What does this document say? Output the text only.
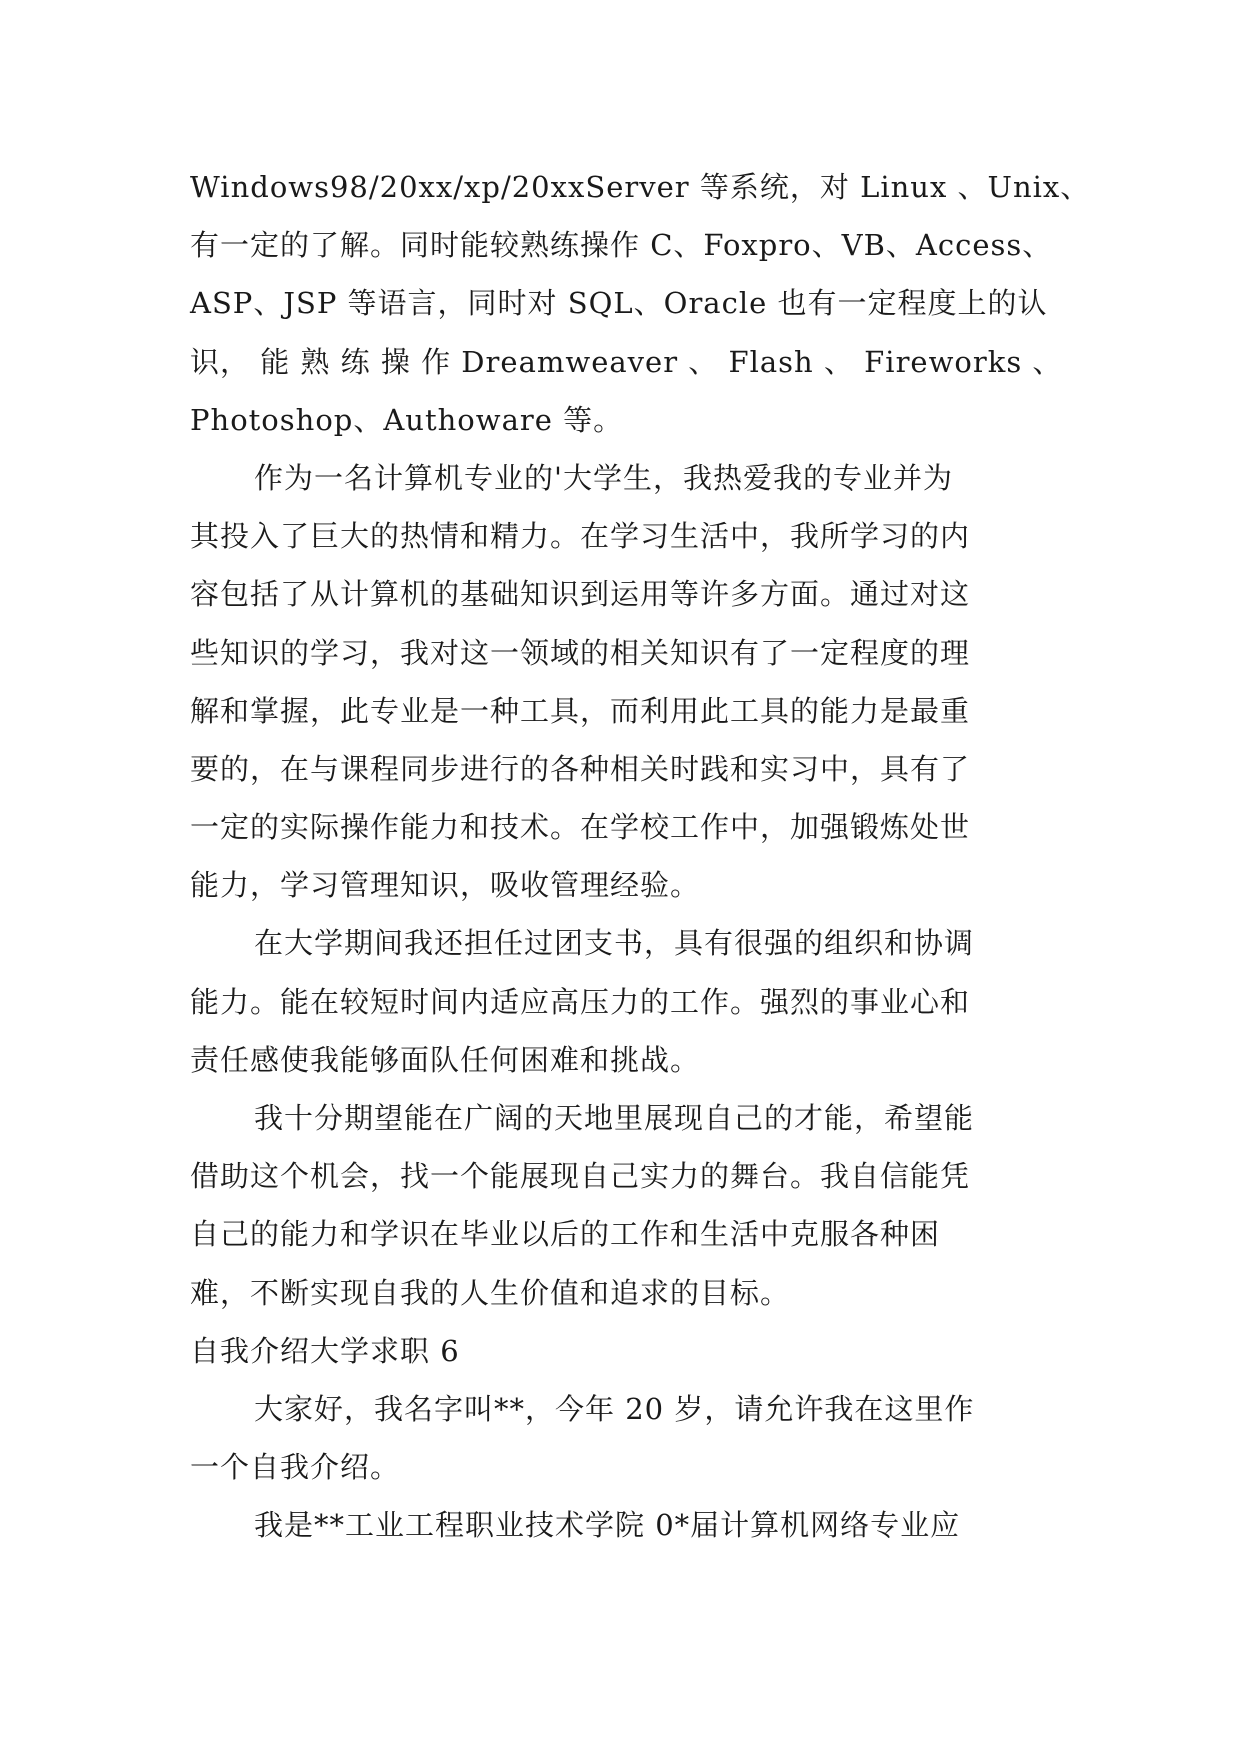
Windows98/20xx/xp/20xxServer 等系统，对 Linux 、Unix、
有一定的了解。同时能较熟练操作 C、Foxpro、VB、Access、
ASP、JSP 等语言，同时对 SQL、Oracle 也有一定程度上的认
识， 能 熟 练 操 作 Dreamweaver 、 Flash 、 Fireworks 、
Photoshop、Authoware 等。
作为一名计算机专业的'大学生，我热爱我的专业并为
其投入了巨大的热情和精力。在学习生活中，我所学习的内
容包括了从计算机的基础知识到运用等许多方面。通过对这
些知识的学习，我对这一领域的相关知识有了一定程度的理
解和掌握，此专业是一种工具，而利用此工具的能力是最重
要的，在与课程同步进行的各种相关时践和实习中，具有了
一定的实际操作能力和技术。在学校工作中，加强锻炼处世
能力，学习管理知识，吸收管理经验。
在大学期间我还担任过团支书，具有很强的组织和协调
能力。能在较短时间内适应高压力的工作。强烈的事业心和
责任感使我能够面队任何困难和挑战。
我十分期望能在广阔的天地里展现自己的才能，希望能
借助这个机会，找一个能展现自己实力的舞台。我自信能凭
自己的能力和学识在毕业以后的工作和生活中克服各种困
难，不断实现自我的人生价值和追求的目标。
自我介绍大学求职 6
大家好，我名字叫**，今年 20 岁，请允许我在这里作
一个自我介绍。
我是**工业工程职业技术学院 0*届计算机网络专业应
